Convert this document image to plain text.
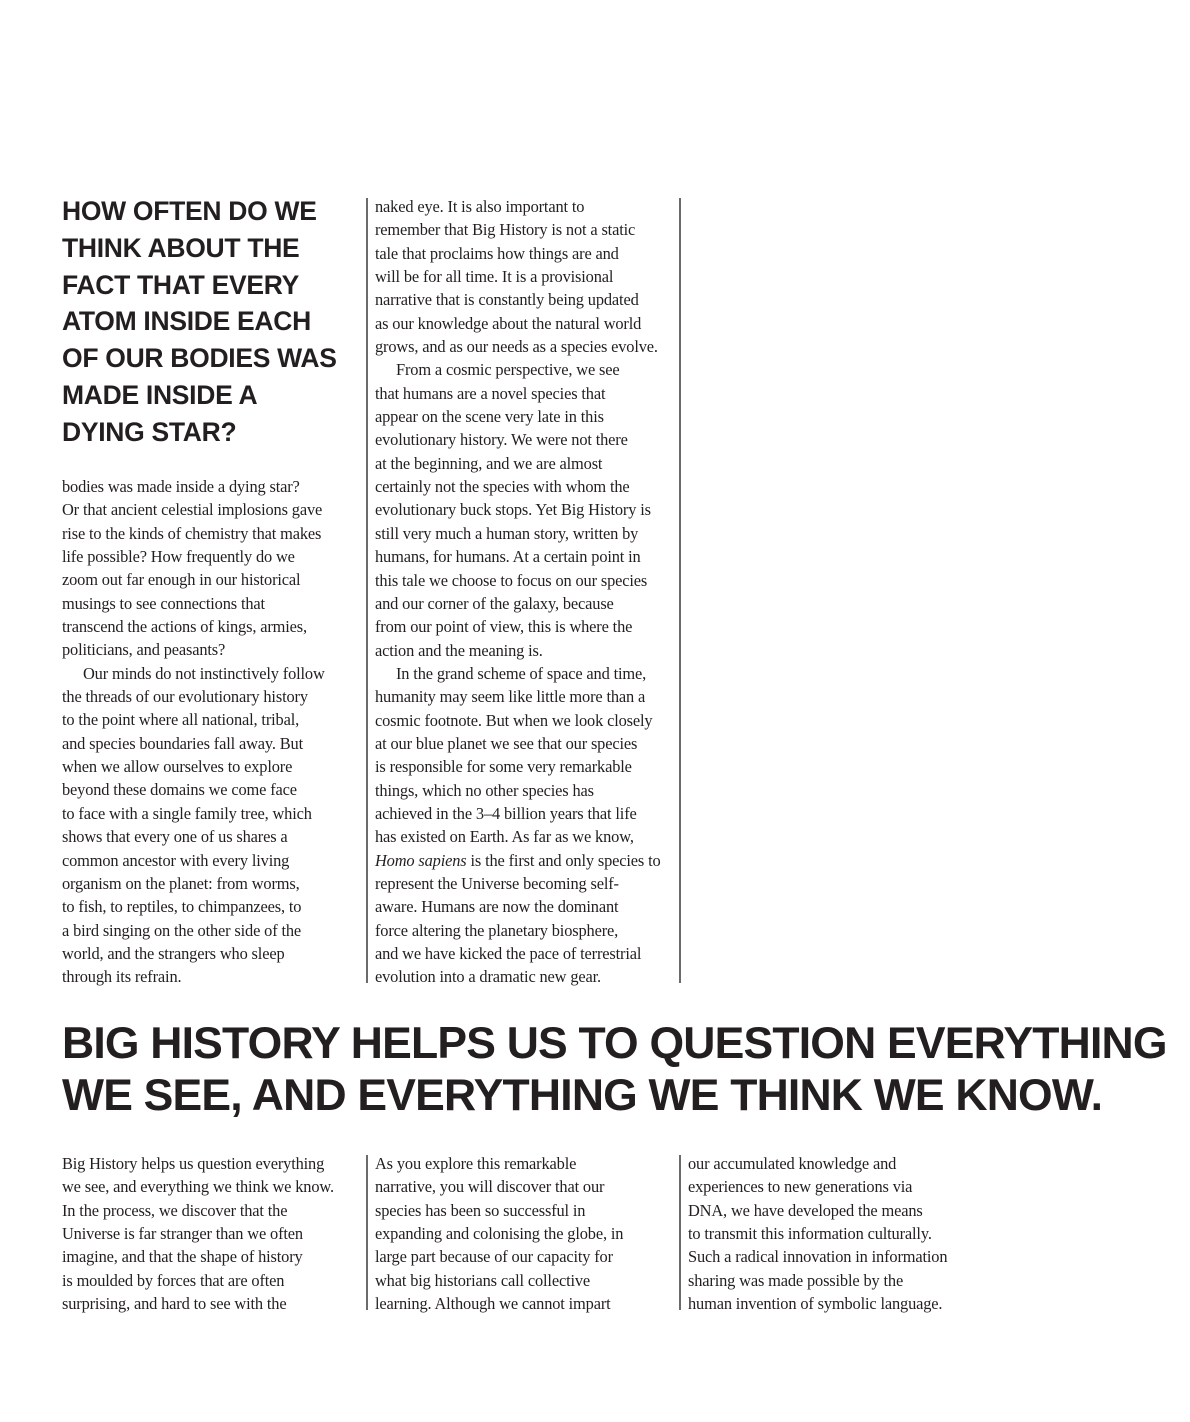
HOW OFTEN DO WE
THINK ABOUT THE
FACT THAT EVERY
ATOM INSIDE EACH
OF OUR BODIES WAS
MADE INSIDE A
DYING STAR?
bodies was made inside a dying star?
Or that ancient celestial implosions gave
rise to the kinds of chemistry that makes
life possible? How frequently do we
zoom out far enough in our historical
musings to see connections that
transcend the actions of kings, armies,
politicians, and peasants?
Our minds do not instinctively follow
the threads of our evolutionary history
to the point where all national, tribal,
and species boundaries fall away. But
when we allow ourselves to explore
beyond these domains we come face
to face with a single family tree, which
shows that every one of us shares a
common ancestor with every living
organism on the planet: from worms,
to fish, to reptiles, to chimpanzees, to
a bird singing on the other side of the
world, and the strangers who sleep
through its refrain.
naked eye. It is also important to
remember that Big History is not a static
tale that proclaims how things are and
will be for all time. It is a provisional
narrative that is constantly being updated
as our knowledge about the natural world
grows, and as our needs as a species evolve.
From a cosmic perspective, we see
that humans are a novel species that
appear on the scene very late in this
evolutionary history. We were not there
at the beginning, and we are almost
certainly not the species with whom the
evolutionary buck stops. Yet Big History is
still very much a human story, written by
humans, for humans. At a certain point in
this tale we choose to focus on our species
and our corner of the galaxy, because
from our point of view, this is where the
action and the meaning is.
In the grand scheme of space and time,
humanity may seem like little more than a
cosmic footnote. But when we look closely
at our blue planet we see that our species
is responsible for some very remarkable
things, which no other species has
achieved in the 3–4 billion years that life
has existed on Earth. As far as we know,
Homo sapiens is the first and only species to
represent the Universe becoming self-
aware. Humans are now the dominant
force altering the planetary biosphere,
and we have kicked the pace of terrestrial
evolution into a dramatic new gear.
BIG HISTORY HELPS US TO QUESTION EVERYTHING
WE SEE, AND EVERYTHING WE THINK WE KNOW.
Big History helps us question everything
we see, and everything we think we know.
In the process, we discover that the
Universe is far stranger than we often
imagine, and that the shape of history
is moulded by forces that are often
surprising, and hard to see with the
As you explore this remarkable
narrative, you will discover that our
species has been so successful in
expanding and colonising the globe, in
large part because of our capacity for
what big historians call collective
learning. Although we cannot impart
our accumulated knowledge and
experiences to new generations via
DNA, we have developed the means
to transmit this information culturally.
Such a radical innovation in information
sharing was made possible by the
human invention of symbolic language.
